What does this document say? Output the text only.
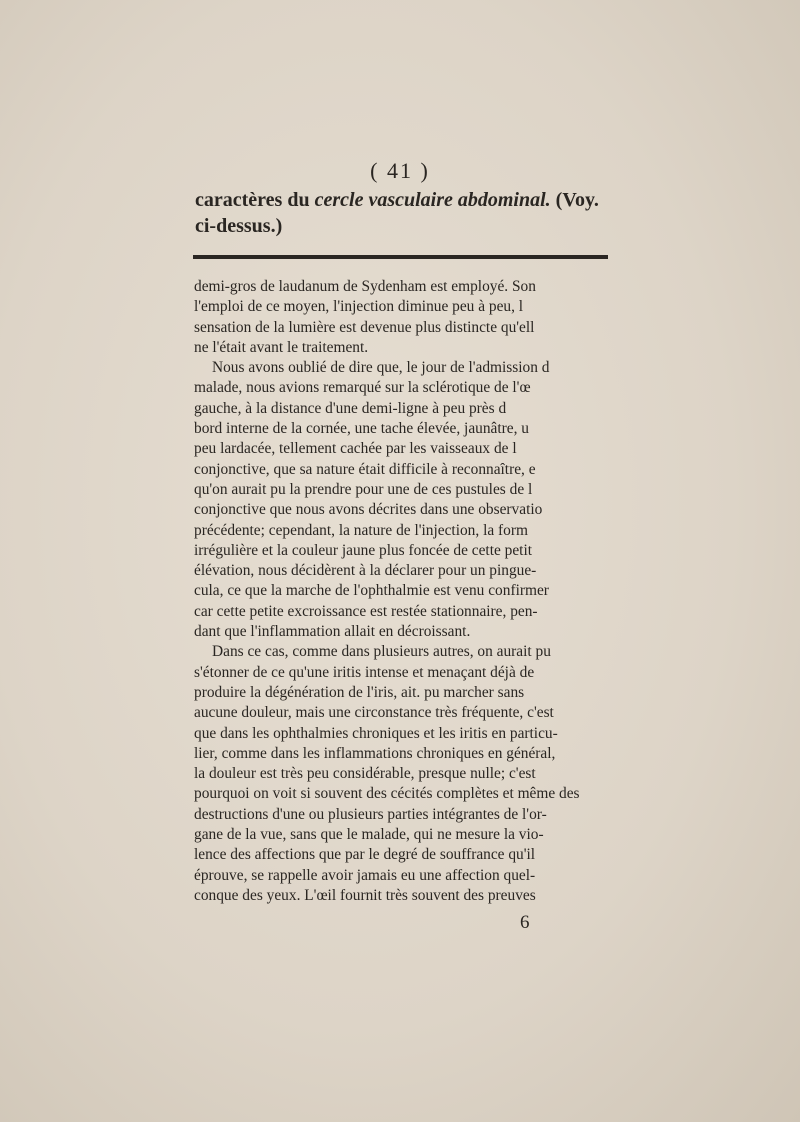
( 41 )
caractères du cercle vasculaire abdominal. (Voy.
ci-dessus.)

demi-gros de laudanum de Sydenham est employé. Son
l'emploi de ce moyen, l'injection diminue peu à peu, l
sensation de la lumière est devenue plus distincte qu'ell
ne l'était avant le traitement.

Nous avons oublié de dire que, le jour de l'admission d
malade, nous avions remarqué sur la sclérotique de l'œ
gauche, à la distance d'une demi-ligne à peu près d
bord interne de la cornée, une tache élevée, jaunâtre, u
peu lardacée, tellement cachée par les vaisseaux de l
conjonctive, que sa nature était difficile à reconnaître, e
qu'on aurait pu la prendre pour une de ces pustules de l
conjonctive que nous avons décrites dans une observatio
précédente; cependant, la nature de l'injection, la form
irrégulière et la couleur jaune plus foncée de cette petit
élévation, nous décidèrent à la déclarer pour un pingue-
cula, ce que la marche de l'ophthalmie est venu confirmer
car cette petite excroissance est restée stationnaire, pen-
dant que l'inflammation allait en décroissant.

Dans ce cas, comme dans plusieurs autres, on aurait pu
s'étonner de ce qu'une iritis intense et menaçant déjà de
produire la dégénération de l'iris, ait. pu marcher sans
aucune douleur, mais une circonstance très fréquente, c'est
que dans les ophthalmies chroniques et les iritis en particu-
lier, comme dans les inflammations chroniques en général,
la douleur est très peu considérable, presque nulle; c'est
pourquoi on voit si souvent des cécités complètes et même des
destructions d'une ou plusieurs parties intégrantes de l'or-
gane de la vue, sans que le malade, qui ne mesure la vio-
lence des affections que par le degré de souffrance qu'il
éprouve, se rappelle avoir jamais eu une affection quel-
conque des yeux. L'œil fournit très souvent des preuves

6
